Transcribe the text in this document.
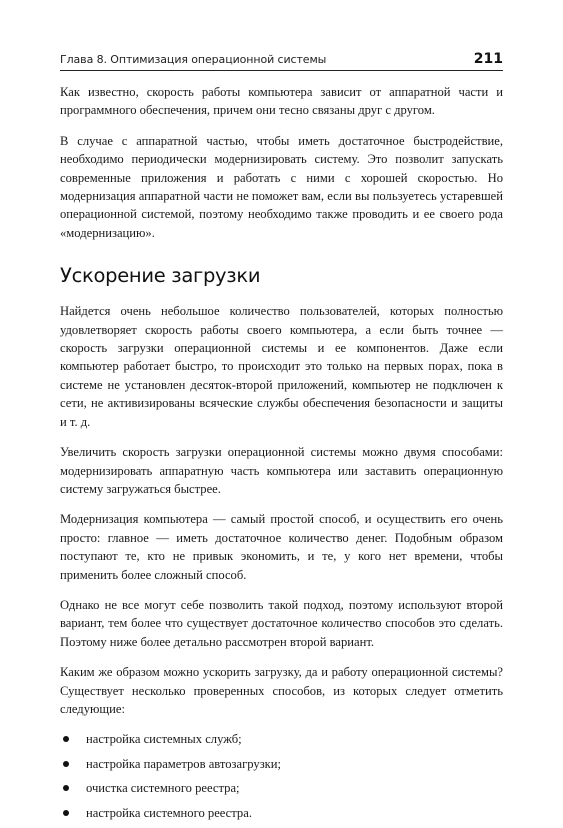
Глава 8. Оптимизация операционной системы	211

Как известно, скорость работы компьютера зависит от аппаратной части и программного обеспечения, причем они тесно связаны друг с другом.

В случае с аппаратной частью, чтобы иметь достаточное быстродействие, необходимо периодически модернизировать систему. Это позволит запускать современные приложения и работать с ними с хорошей скоростью. Но модернизация аппаратной части не поможет вам, если вы пользуетесь устаревшей операционной системой, поэтому необходимо также проводить и ее своего рода «модернизацию».

Ускорение загрузки

Найдется очень небольшое количество пользователей, которых полностью удовлетворяет скорость работы своего компьютера, а если быть точнее — скорость загрузки операционной системы и ее компонентов. Даже если компьютер работает быстро, то происходит это только на первых порах, пока в системе не установлен десяток-второй приложений, компьютер не подключен к сети, не активизированы всяческие службы обеспечения безопасности и защиты и т. д.

Увеличить скорость загрузки операционной системы можно двумя способами: модернизировать аппаратную часть компьютера или заставить операционную систему загружаться быстрее.

Модернизация компьютера — самый простой способ, и осуществить его очень просто: главное — иметь достаточное количество денег. Подобным образом поступают те, кто не привык экономить, и те, у кого нет времени, чтобы применить более сложный способ.

Однако не все могут себе позволить такой подход, поэтому используют второй вариант, тем более что существует достаточное количество способов это сделать. Поэтому ниже более детально рассмотрен второй вариант.

Каким же образом можно ускорить загрузку, да и работу операционной системы? Существует несколько проверенных способов, из которых следует отметить следующие:

настройка системных служб;
настройка параметров автозагрузки;
очистка системного реестра;
настройка системного реестра.
